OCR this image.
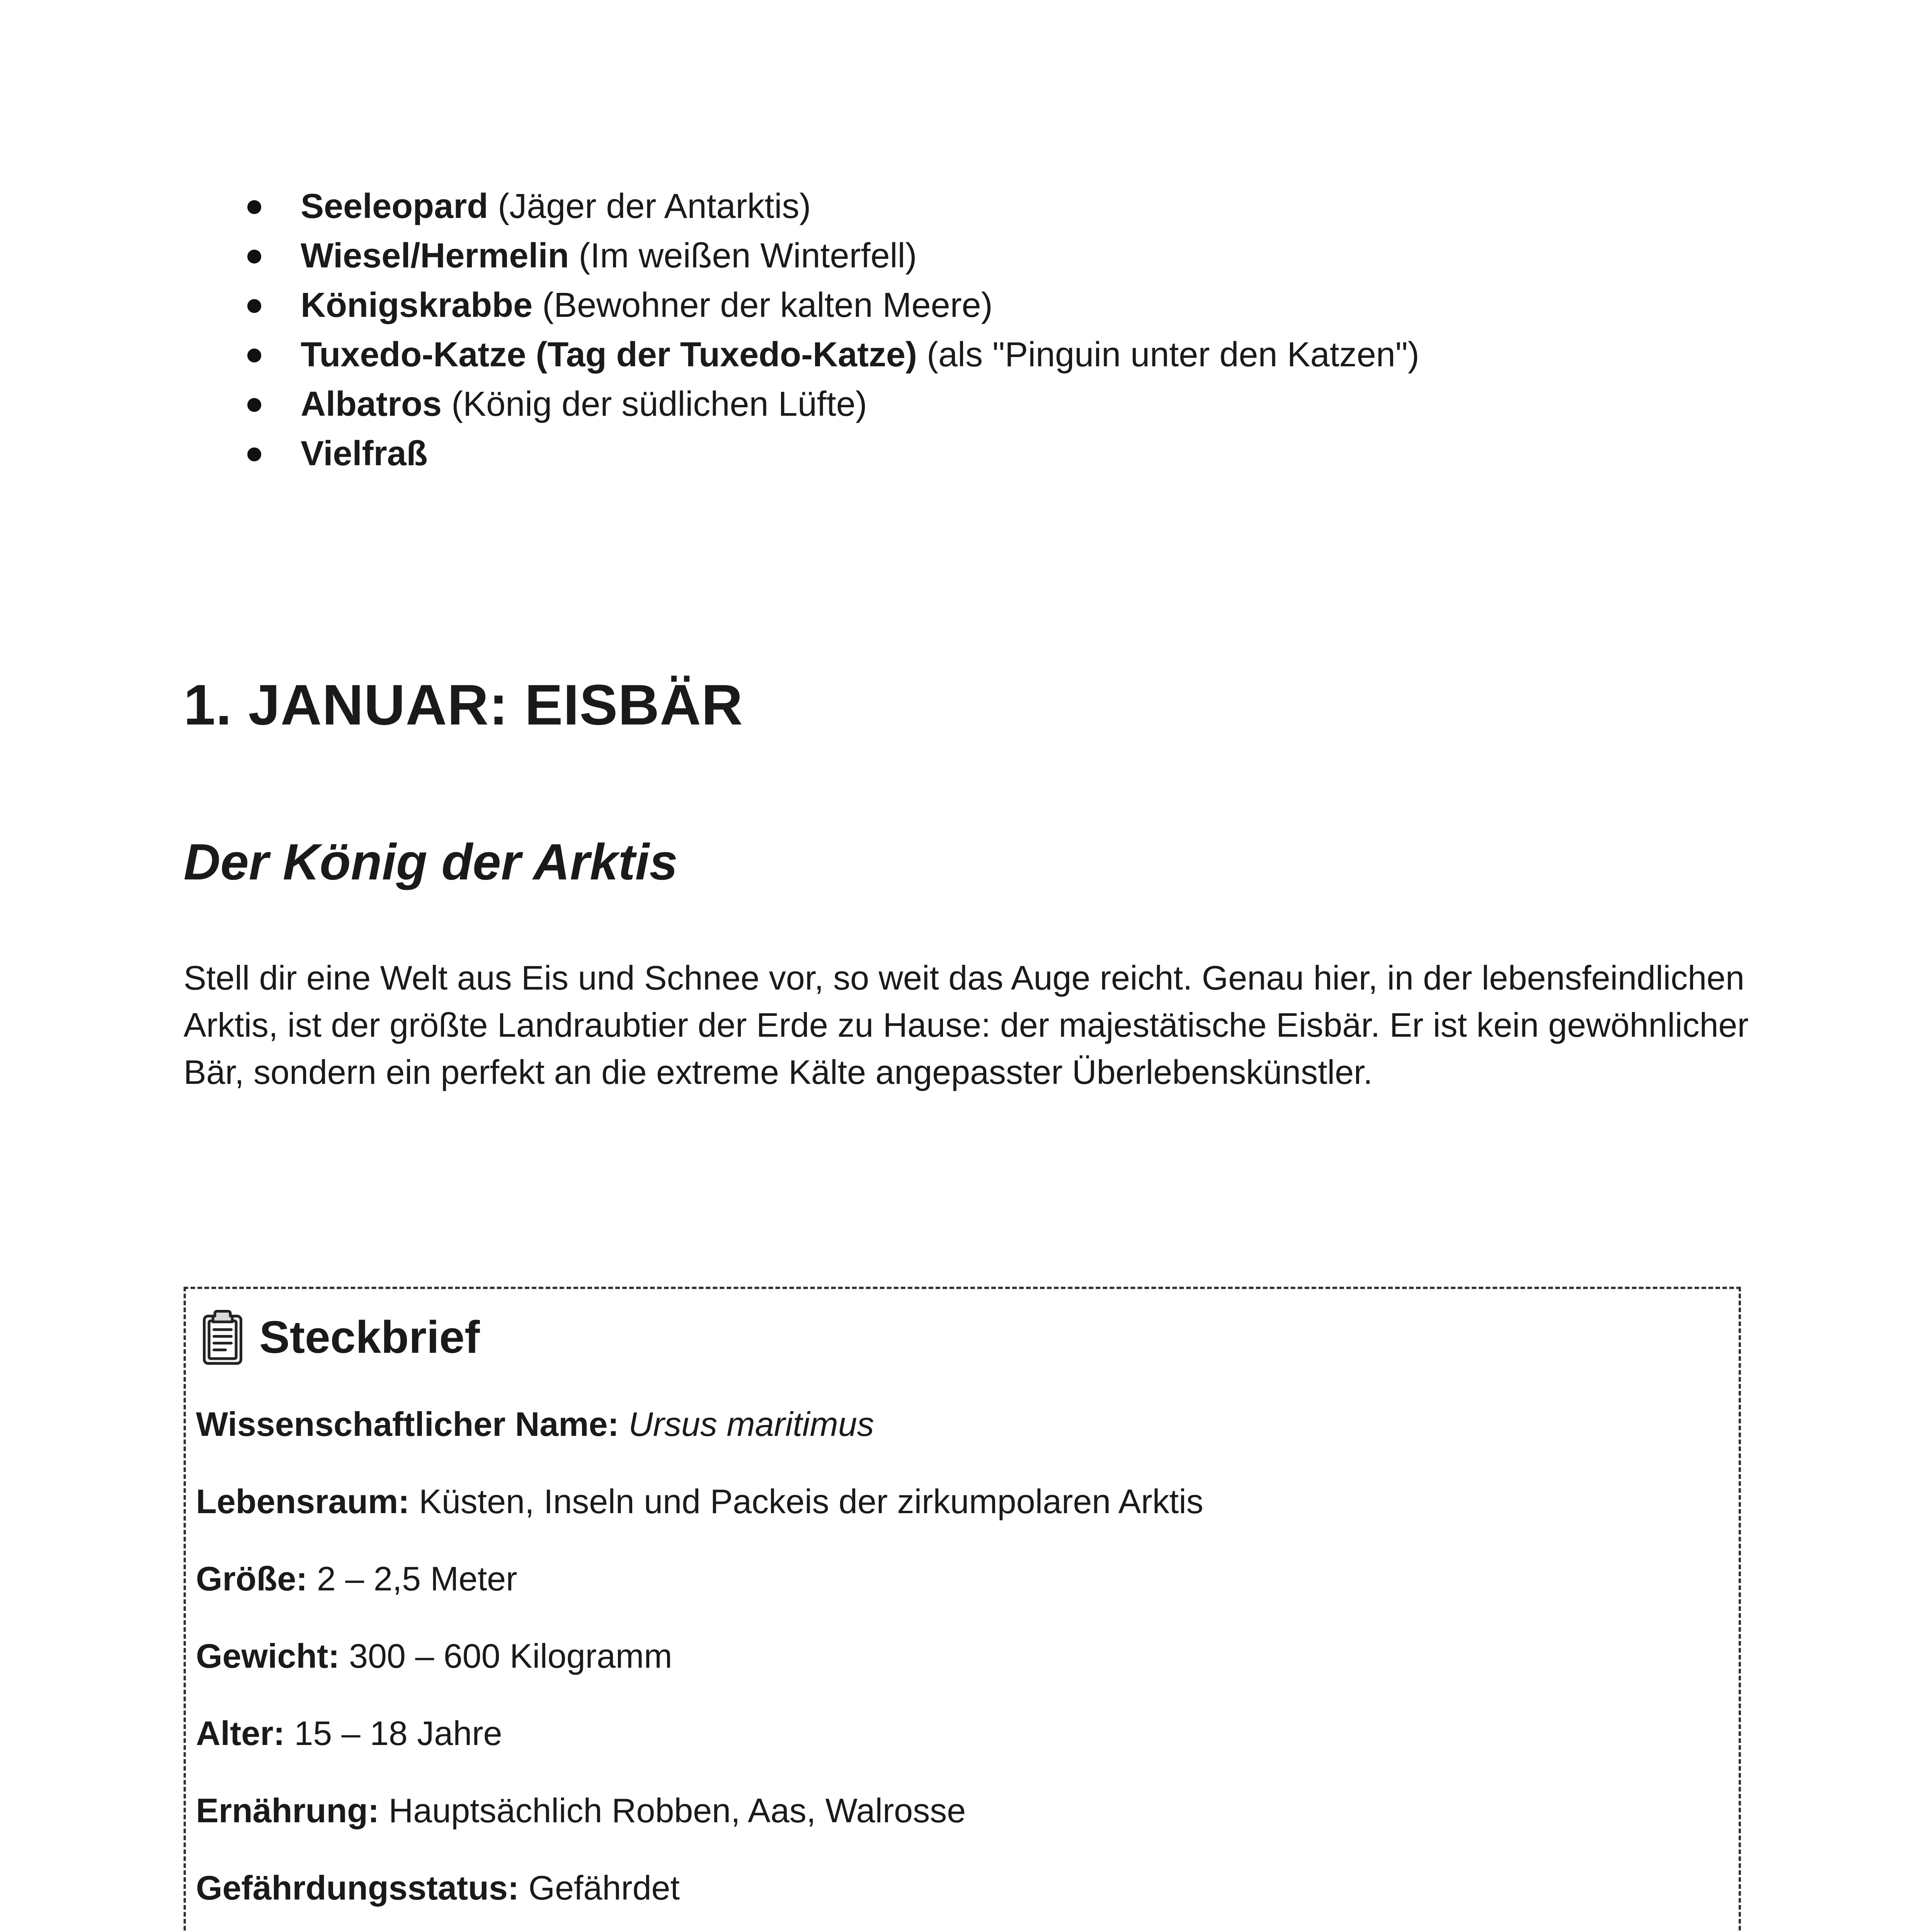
Seeleopard (Jäger der Antarktis)
Wiesel/Hermelin (Im weißen Winterfell)
Königskrabbe (Bewohner der kalten Meere)
Tuxedo-Katze (Tag der Tuxedo-Katze) (als "Pinguin unter den Katzen")
Albatros (König der südlichen Lüfte)
Vielfraß
1. JANUAR: EISBÄR
Der König der Arktis

Stell dir eine Welt aus Eis und Schnee vor, so weit das Auge reicht. Genau hier, in der lebensfeindlichen Arktis, ist der größte Landraubtier der Erde zu Hause: der majestätische Eisbär. Er ist kein gewöhnlicher Bär, sondern ein perfekt an die extreme Kälte angepasster Überlebenskünstler.

Steckbrief
Wissenschaftlicher Name: Ursus maritimus
Lebensraum: Küsten, Inseln und Packeis der zirkumpolaren Arktis
Größe: 2 – 2,5 Meter
Gewicht: 300 – 600 Kilogramm
Alter: 15 – 18 Jahre
Ernährung: Hauptsächlich Robben, Aas, Walrosse
Gefährdungsstatus: Gefährdet
